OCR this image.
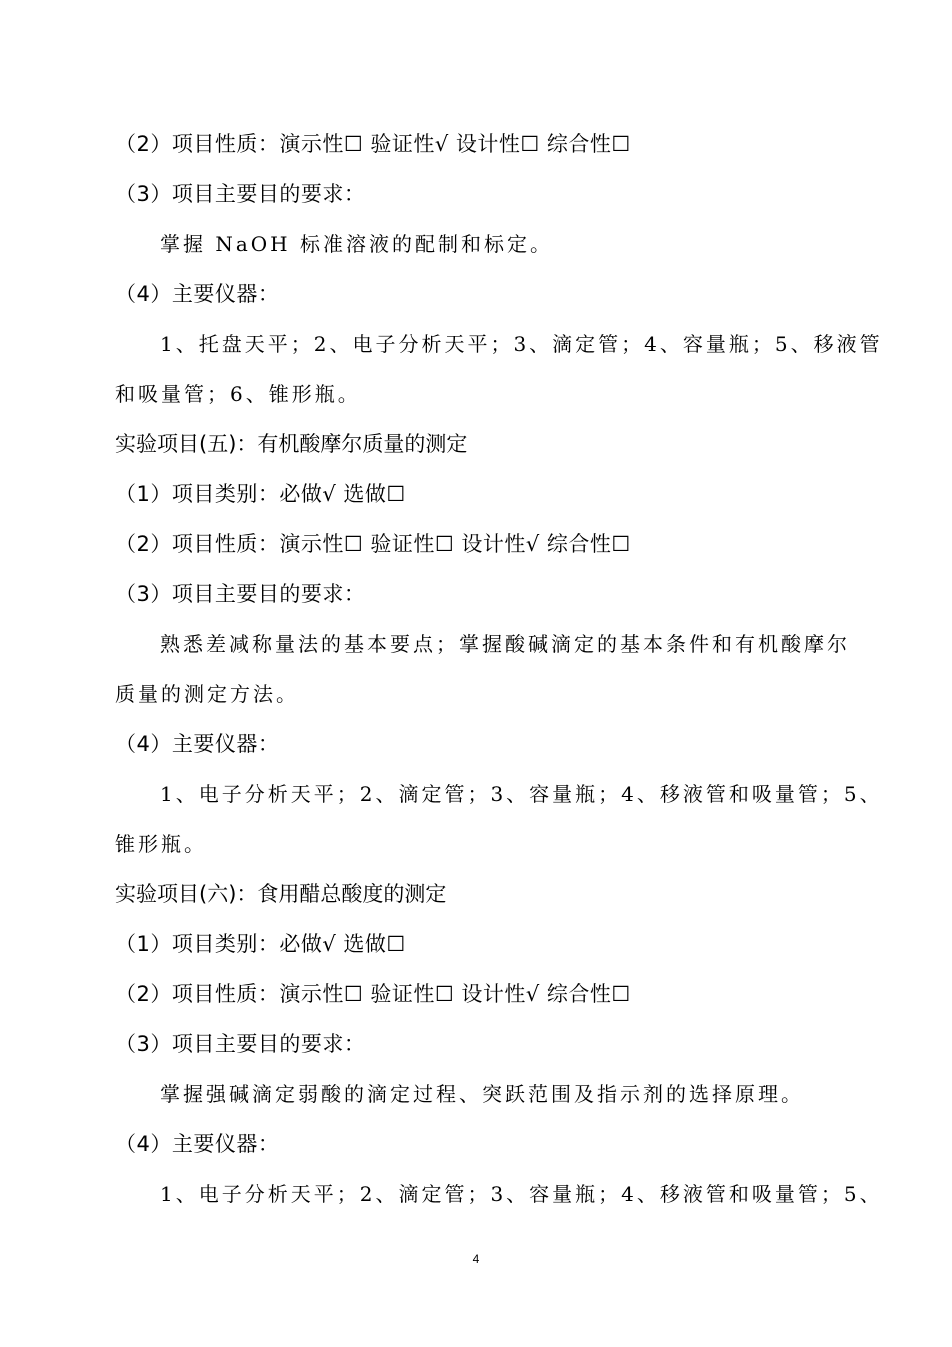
（2）项目性质：演示性☐ 验证性√ 设计性☐ 综合性☐
（3）项目主要目的要求：
掌握 NaOH 标准溶液的配制和标定。
（4）主要仪器：
1、托盘天平；2、电子分析天平；3、滴定管；4、容量瓶；5、移液管
和吸量管；6、锥形瓶。
实验项目(五)：有机酸摩尔质量的测定
（1）项目类别：必做√ 选做☐
（2）项目性质：演示性☐ 验证性☐ 设计性√ 综合性☐
（3）项目主要目的要求：
熟悉差减称量法的基本要点；掌握酸碱滴定的基本条件和有机酸摩尔
质量的测定方法。
（4）主要仪器：
1、电子分析天平；2、滴定管；3、容量瓶；4、移液管和吸量管；5、
锥形瓶。
实验项目(六)：食用醋总酸度的测定
（1）项目类别：必做√ 选做☐
（2）项目性质：演示性☐ 验证性☐ 设计性√ 综合性☐
（3）项目主要目的要求：
掌握强碱滴定弱酸的滴定过程、突跃范围及指示剂的选择原理。
（4）主要仪器：
1、电子分析天平；2、滴定管；3、容量瓶；4、移液管和吸量管；5、
4
